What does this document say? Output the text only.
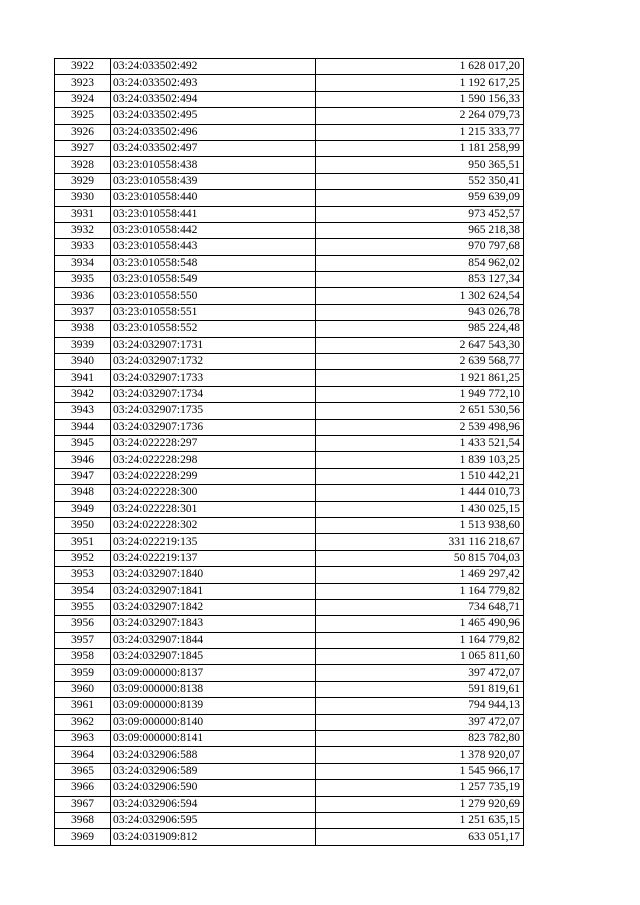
3922	03:24:033502:492	1 628 017,20
3923	03:24:033502:493	1 192 617,25
3924	03:24:033502:494	1 590 156,33
3925	03:24:033502:495	2 264 079,73
3926	03:24:033502:496	1 215 333,77
3927	03:24:033502:497	1 181 258,99
3928	03:23:010558:438	950 365,51
3929	03:23:010558:439	552 350,41
3930	03:23:010558:440	959 639,09
3931	03:23:010558:441	973 452,57
3932	03:23:010558:442	965 218,38
3933	03:23:010558:443	970 797,68
3934	03:23:010558:548	854 962,02
3935	03:23:010558:549	853 127,34
3936	03:23:010558:550	1 302 624,54
3937	03:23:010558:551	943 026,78
3938	03:23:010558:552	985 224,48
3939	03:24:032907:1731	2 647 543,30
3940	03:24:032907:1732	2 639 568,77
3941	03:24:032907:1733	1 921 861,25
3942	03:24:032907:1734	1 949 772,10
3943	03:24:032907:1735	2 651 530,56
3944	03:24:032907:1736	2 539 498,96
3945	03:24:022228:297	1 433 521,54
3946	03:24:022228:298	1 839 103,25
3947	03:24:022228:299	1 510 442,21
3948	03:24:022228:300	1 444 010,73
3949	03:24:022228:301	1 430 025,15
3950	03:24:022228:302	1 513 938,60
3951	03:24:022219:135	331 116 218,67
3952	03:24:022219:137	50 815 704,03
3953	03:24:032907:1840	1 469 297,42
3954	03:24:032907:1841	1 164 779,82
3955	03:24:032907:1842	734 648,71
3956	03:24:032907:1843	1 465 490,96
3957	03:24:032907:1844	1 164 779,82
3958	03:24:032907:1845	1 065 811,60
3959	03:09:000000:8137	397 472,07
3960	03:09:000000:8138	591 819,61
3961	03:09:000000:8139	794 944,13
3962	03:09:000000:8140	397 472,07
3963	03:09:000000:8141	823 782,80
3964	03:24:032906:588	1 378 920,07
3965	03:24:032906:589	1 545 966,17
3966	03:24:032906:590	1 257 735,19
3967	03:24:032906:594	1 279 920,69
3968	03:24:032906:595	1 251 635,15
3969	03:24:031909:812	633 051,17
